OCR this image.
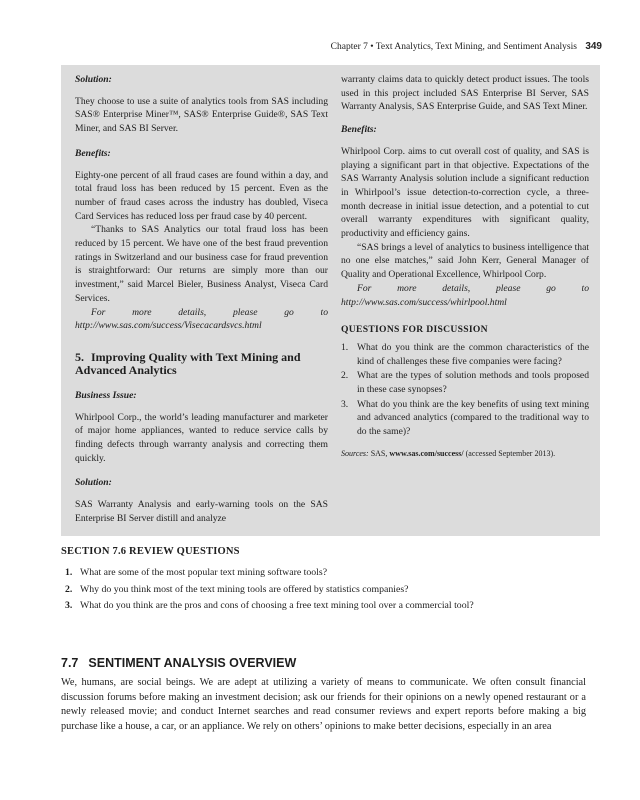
Chapter 7 • Text Analytics, Text Mining, and Sentiment Analysis 349

Solution:

They choose to use a suite of analytics tools from SAS including SAS® Enterprise Miner™, SAS® Enterprise Guide®, SAS Text Miner, and SAS BI Server.

Benefits:

Eighty-one percent of all fraud cases are found within a day, and total fraud loss has been reduced by 15 percent. Even as the number of fraud cases across the industry has doubled, Viseca Card Services has reduced loss per fraud case by 40 percent.

“Thanks to SAS Analytics our total fraud loss has been reduced by 15 percent. We have one of the best fraud prevention ratings in Switzerland and our business case for fraud prevention is straightforward: Our returns are simply more than our investment,” said Marcel Bieler, Business Analyst, Viseca Card Services.

For more details, please go to http://www.sas.com/success/Visecacardsvcs.html

5. Improving Quality with Text Mining and Advanced Analytics

Business Issue:

Whirlpool Corp., the world’s leading manufacturer and marketer of major home appliances, wanted to reduce service calls by finding defects through warranty analysis and correcting them quickly.

Solution:

SAS Warranty Analysis and early-warning tools on the SAS Enterprise BI Server distill and analyze

warranty claims data to quickly detect product issues. The tools used in this project included SAS Enterprise BI Server, SAS Warranty Analysis, SAS Enterprise Guide, and SAS Text Miner.

Benefits:

Whirlpool Corp. aims to cut overall cost of quality, and SAS is playing a significant part in that objective. Expectations of the SAS Warranty Analysis solution include a significant reduction in Whirlpool’s issue detection-to-correction cycle, a three-month decrease in initial issue detection, and a potential to cut overall warranty expenditures with significant quality, productivity and efficiency gains.

“SAS brings a level of analytics to business intelligence that no one else matches,” said John Kerr, General Manager of Quality and Operational Excellence, Whirlpool Corp.

For more details, please go to http://www.sas.com/success/whirlpool.html

QUESTIONS FOR DISCUSSION
1. What do you think are the common characteristics of the kind of challenges these five companies were facing?
2. What are the types of solution methods and tools proposed in these case synopses?
3. What do you think are the key benefits of using text mining and advanced analytics (compared to the traditional way to do the same)?

Sources: SAS, www.sas.com/success/ (accessed September 2013).

SECTION 7.6 REVIEW QUESTIONS
1. What are some of the most popular text mining software tools?
2. Why do you think most of the text mining tools are offered by statistics companies?
3. What do you think are the pros and cons of choosing a free text mining tool over a commercial tool?
7.7 SENTIMENT ANALYSIS OVERVIEW

We, humans, are social beings. We are adept at utilizing a variety of means to communicate. We often consult financial discussion forums before making an investment decision; ask our friends for their opinions on a newly opened restaurant or a newly released movie; and conduct Internet searches and read consumer reviews and expert reports before making a big purchase like a house, a car, or an appliance. We rely on others’ opinions to make better decisions, especially in an area
